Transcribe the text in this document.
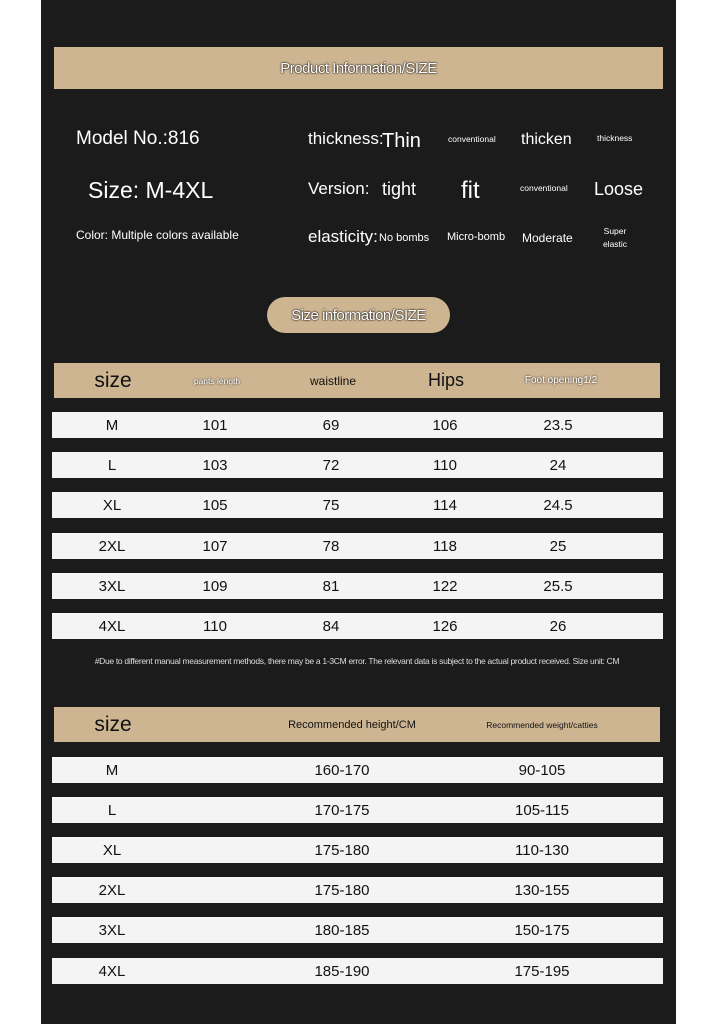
Product Information/SIZE
Model No.:816
Size: M-4XL
Color: Multiple colors available
thickness:
Thin	conventional thicken	thickness
Version: tight fit	conventional Loose
elasticity: No bombs Micro-bomb Moderate	Super elastic
Size information/SIZE
size	pants length	waistline	Hips	Foot opening1/2
M	101	69	106	23.5
L	103	72	110	24
XL	105	75	114	24.5
2XL	107	78	118	25
3XL	109	81	122	25.5
4XL	110	84	126	26
#Due to different manual measurement methods, there may be a 1-3CM error. The relevant data is subject to the actual product received. Size unit: CM
size	Recommended height/CM	Recommended weight/catties
M	160-170	90-105
L	170-175	105-115
XL	175-180	110-130
2XL	175-180	130-155
3XL	180-185	150-175
4XL	185-190	175-195
